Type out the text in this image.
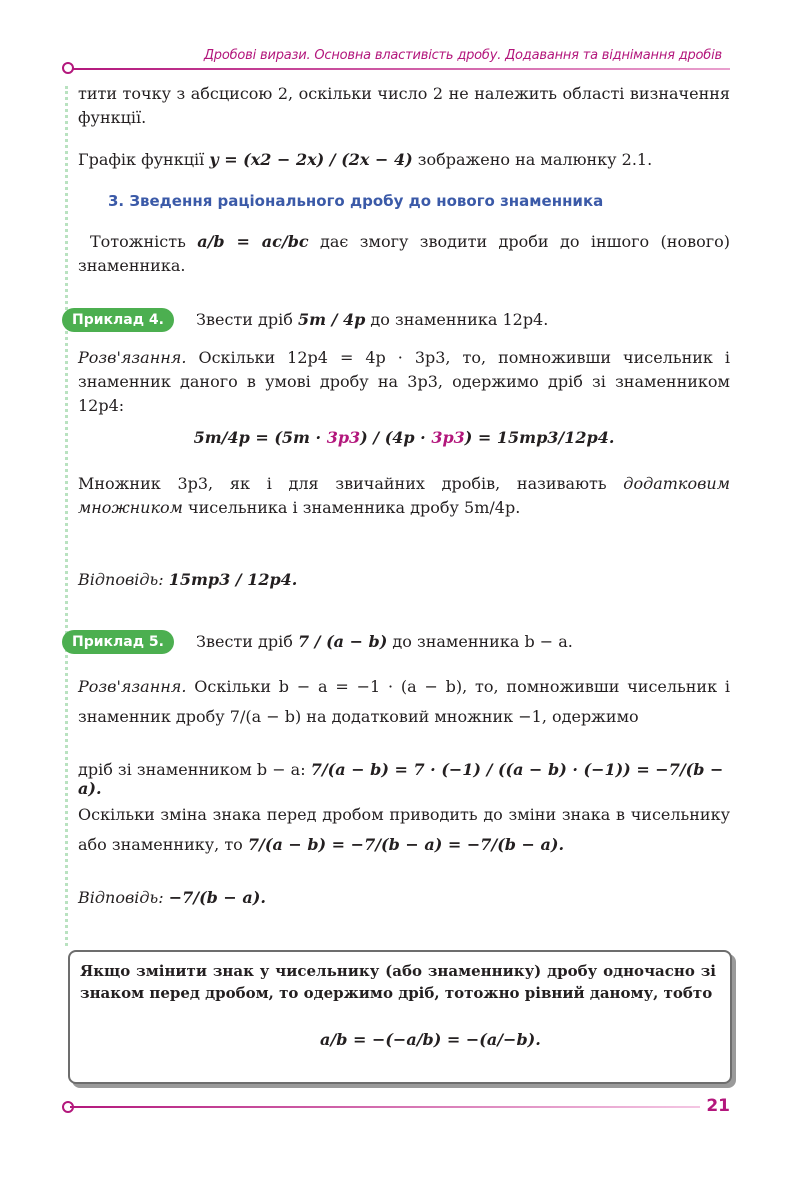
Дробові вирази. Основна властивість дробу. Додавання та віднімання дробів

тити точку з абсцисою 2, оскільки число 2 не належить області визначення функції.

Графік функції y = (x2 − 2x) / (2x − 4) зображено на малюнку 2.1.

3. Зведення раціонального дробу до нового знаменника

Тотожність a/b = ac/bc дає змогу зводити дроби до іншого (нового) знаменника.

Приклад 4.	Звести дріб 5m / 4p до знаменника 12p4.

Розв'язання. Оскільки 12p4 = 4p · 3p3, то, помноживши чисельник і знаменник даного в умові дробу на 3p3, одержимо дріб зі знаменником 12p4:

5m/4p = (5m · 3p3) / (4p · 3p3) = 15mp3/12p4.

Множник 3p3, як і для звичайних дробів, називають додатковим множником чисельника і знаменника дробу 5m/4p.

Відповідь: 15mp3 / 12p4.
Приклад 5.	Звести дріб 7 / (a − b) до знаменника b − a.

Розв'язання. Оскільки b − a = −1 · (a − b), то, помноживши чисельник і знаменник дробу 7/(a − b) на додатковий множник −1, одержимо

дріб зі знаменником b − a: 7/(a − b) = 7 · (−1) / ((a − b) · (−1)) = −7/(b − a).

Оскільки зміна знака перед дробом приводить до зміни знака в чисельнику або знаменнику, то 7/(a − b) = −7/(b − a) = −7/(b − a).

Відповідь: −7/(b − a).
Якщо змінити знак у чисельнику (або знаменнику) дробу одночасно зі знаком перед дробом, то одержимо дріб, тотожно рівний даному, тобто
a/b = −(−a/b) = −(a/−b).
21
